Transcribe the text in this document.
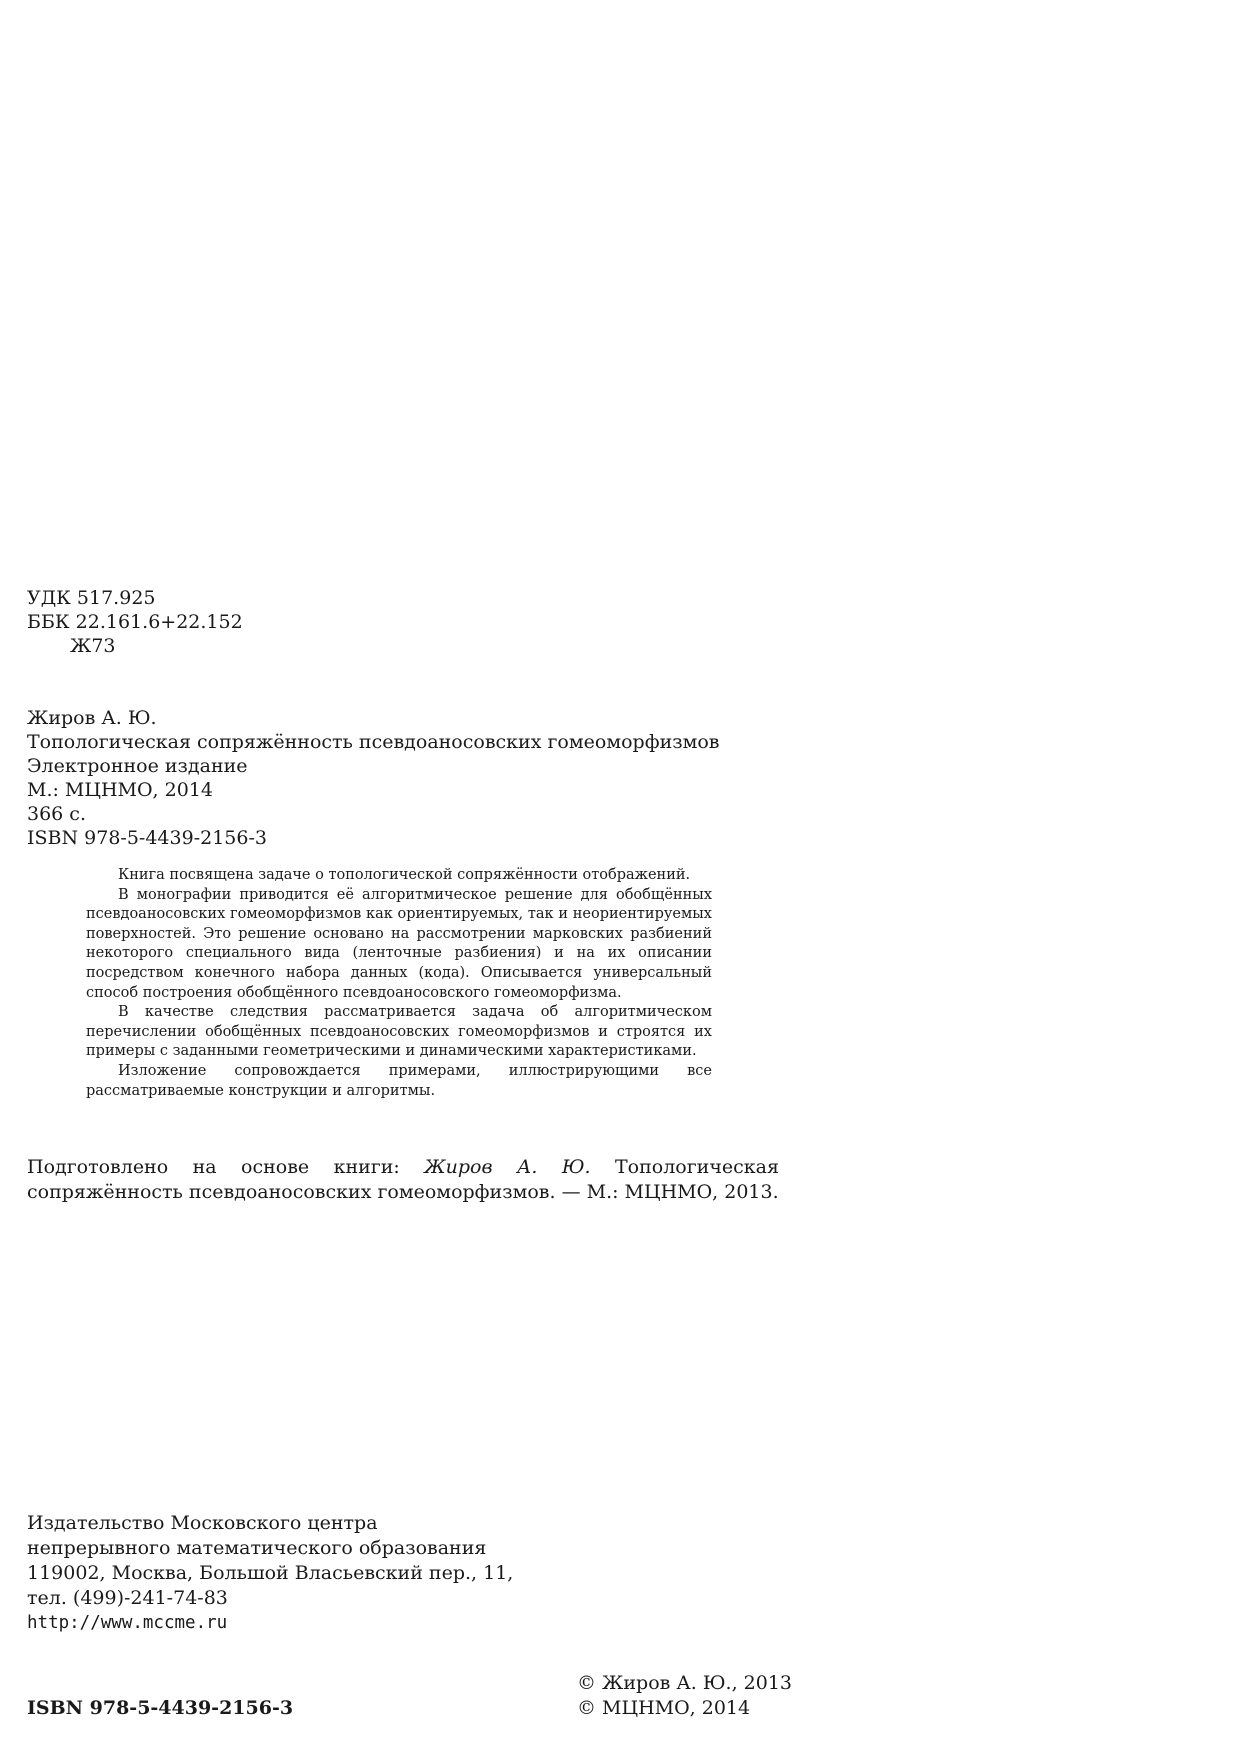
УДК 517.925
ББК 22.161.6+22.152
Ж73
Жиров А. Ю.
Топологическая сопряжённость псевдоаносовских гомеоморфизмов
Электронное издание
М.: МЦНМО, 2014
366 с.
ISBN 978-5-4439-2156-3

Книга посвящена задаче о топологической сопряжённости отображений.

В монографии приводится её алгоритмическое решение для обобщённых псевдоаносовских гомеоморфизмов как ориентируемых, так и неориентируемых поверхностей. Это решение основано на рассмотрении марковских разбиений некоторого специального вида (ленточные разбиения) и на их описании посредством конечного набора данных (кода). Описывается универсальный способ построения обобщённого псевдоаносовского гомеоморфизма.

В качестве следствия рассматривается задача об алгоритмическом перечислении обобщённых псевдоаносовских гомеоморфизмов и строятся их примеры с заданными геометрическими и динамическими характеристиками.

Изложение сопровождается примерами, иллюстрирующими все рассматриваемые конструкции и алгоритмы.

Подготовлено на основе книги: Жиров А. Ю. Топологическая сопряжённость псевдоаносовских гомеоморфизмов. — М.: МЦНМО, 2013.

Издательство Московского центра
непрерывного математического образования
119002, Москва, Большой Власьевский пер., 11,
тел. (499)-241-74-83
http://www.mccme.ru
© Жиров А. Ю., 2013
ISBN 978-5-4439-2156-3	© МЦНМО, 2014
